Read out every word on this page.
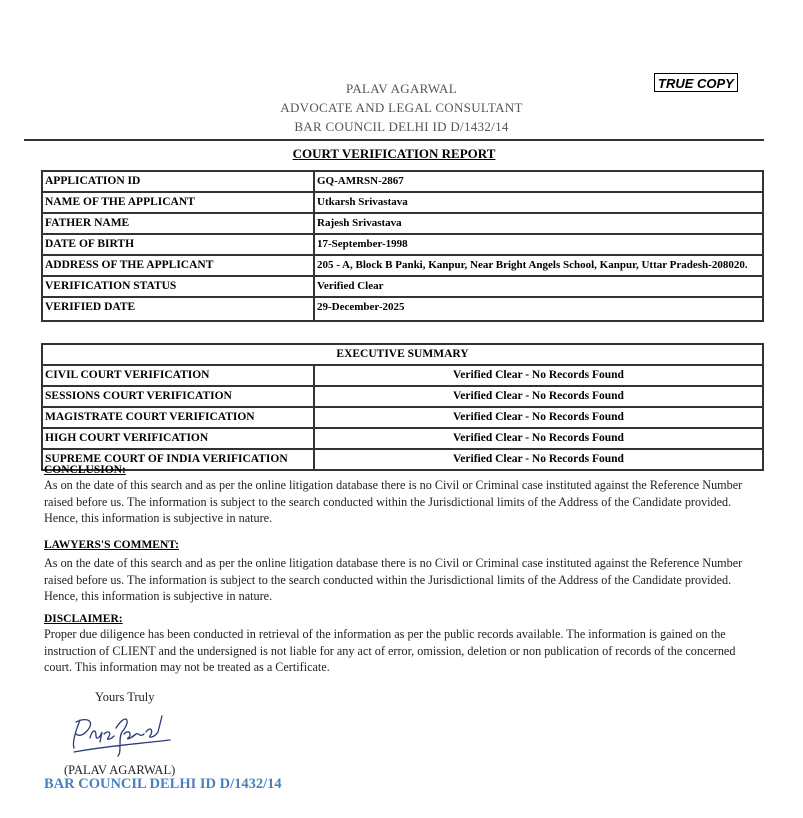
PALAV AGARWAL
ADVOCATE AND LEGAL CONSULTANT
BAR COUNCIL DELHI ID D/1432/14
TRUE COPY
COURT VERIFICATION REPORT
APPLICATION ID	GQ-AMRSN-2867
NAME OF THE APPLICANT	Utkarsh Srivastava
FATHER NAME	Rajesh Srivastava
DATE OF BIRTH	17-September-1998
ADDRESS OF THE APPLICANT	205 - A, Block B Panki, Kanpur, Near Bright Angels School, Kanpur, Uttar Pradesh-208020.
VERIFICATION STATUS	Verified Clear
VERIFIED DATE	29-December-2025
EXECUTIVE SUMMARY	
CIVIL COURT VERIFICATION	Verified Clear - No Records Found
SESSIONS COURT VERIFICATION	Verified Clear - No Records Found
MAGISTRATE COURT VERIFICATION	Verified Clear - No Records Found
HIGH COURT VERIFICATION	Verified Clear - No Records Found
SUPREME COURT OF INDIA VERIFICATION	Verified Clear - No Records Found
CONCLUSION:
As on the date of this search and as per the online litigation database there is no Civil or Criminal case instituted against the Reference Number raised before us. The information is subject to the search conducted within the Jurisdictional limits of the Address of the Candidate provided. Hence, this information is subjective in nature.
LAWYERS'S COMMENT:
As on the date of this search and as per the online litigation database there is no Civil or Criminal case instituted against the Reference Number raised before us. The information is subject to the search conducted within the Jurisdictional limits of the Address of the Candidate provided. Hence, this information is subjective in nature.
DISCLAIMER:
Proper due diligence has been conducted in retrieval of the information as per the public records available. The information is gained on the instruction of CLIENT and the undersigned is not liable for any act of error, omission, deletion or non publication of records of the concerned court. This information may not be treated as a Certificate.
Yours Truly
(PALAV AGARWAL)
BAR COUNCIL DELHI ID D/1432/14
